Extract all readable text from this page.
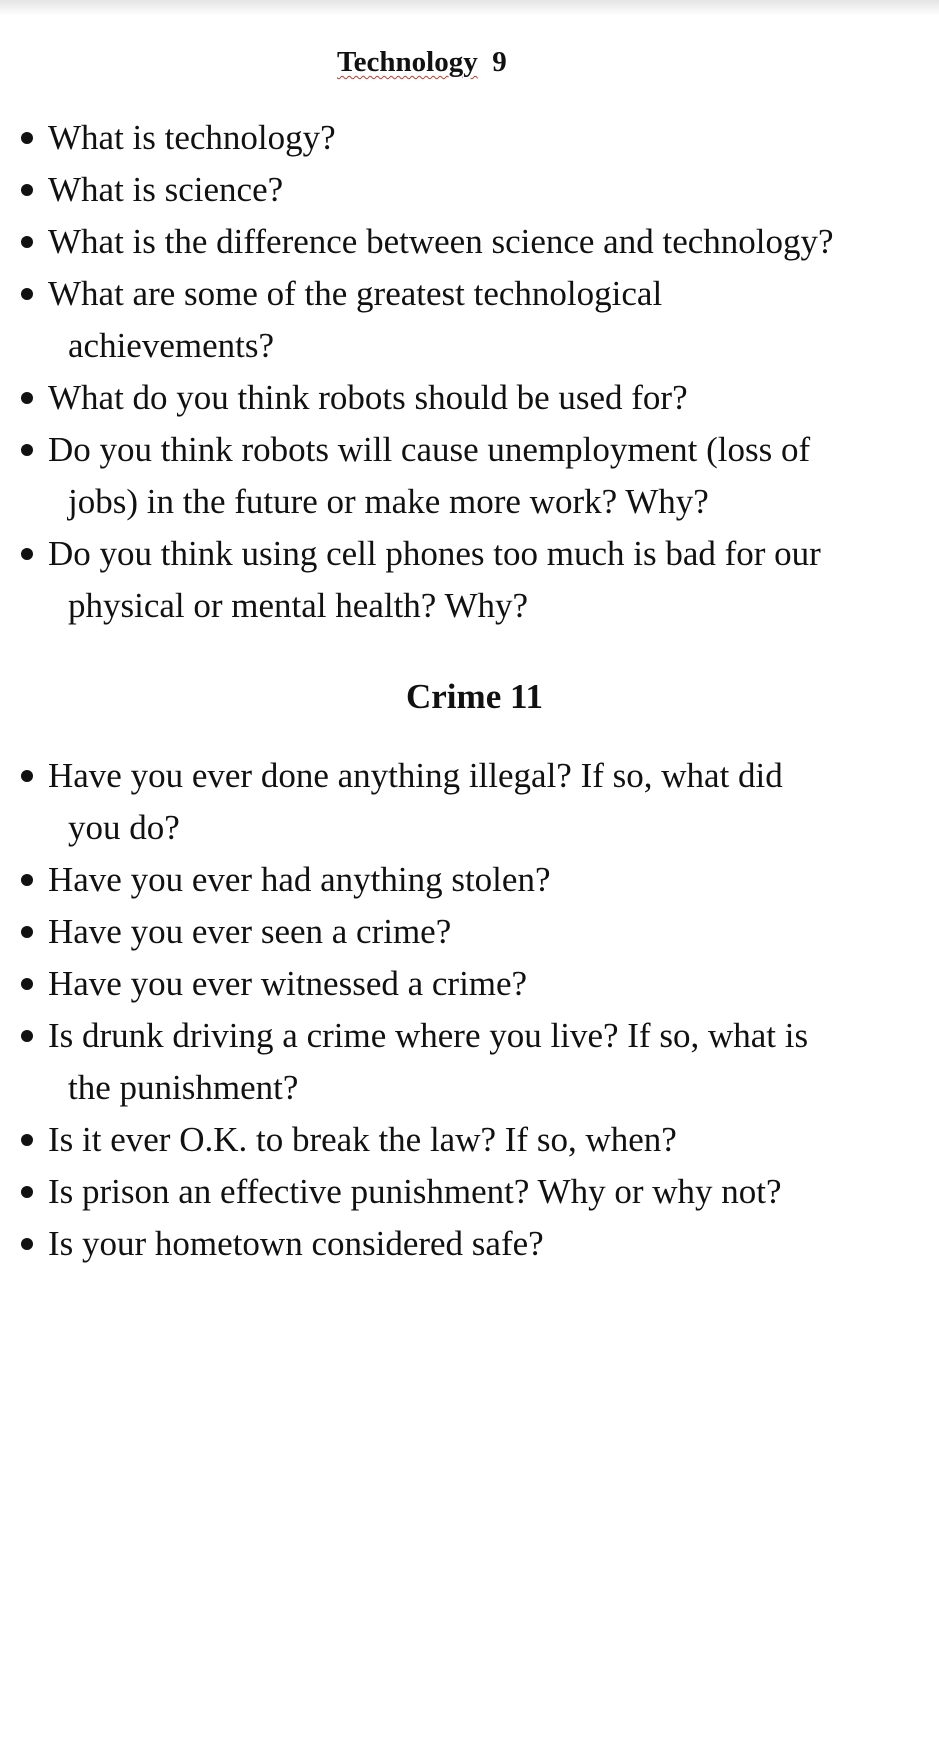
Technology 9
What is technology?
What is science?
What is the difference between science and technology?
What are some of the greatest technological
achievements?
What do you think robots should be used for?
Do you think robots will cause unemployment (loss of
jobs) in the future or make more work? Why?
Do you think using cell phones too much is bad for our
physical or mental health? Why?
Crime 11
Have you ever done anything illegal? If so, what did
you do?
Have you ever had anything stolen?
Have you ever seen a crime?
Have you ever witnessed a crime?
Is drunk driving a crime where you live? If so, what is
the punishment?
Is it ever O.K. to break the law? If so, when?
Is prison an effective punishment? Why or why not?
Is your hometown considered safe?
